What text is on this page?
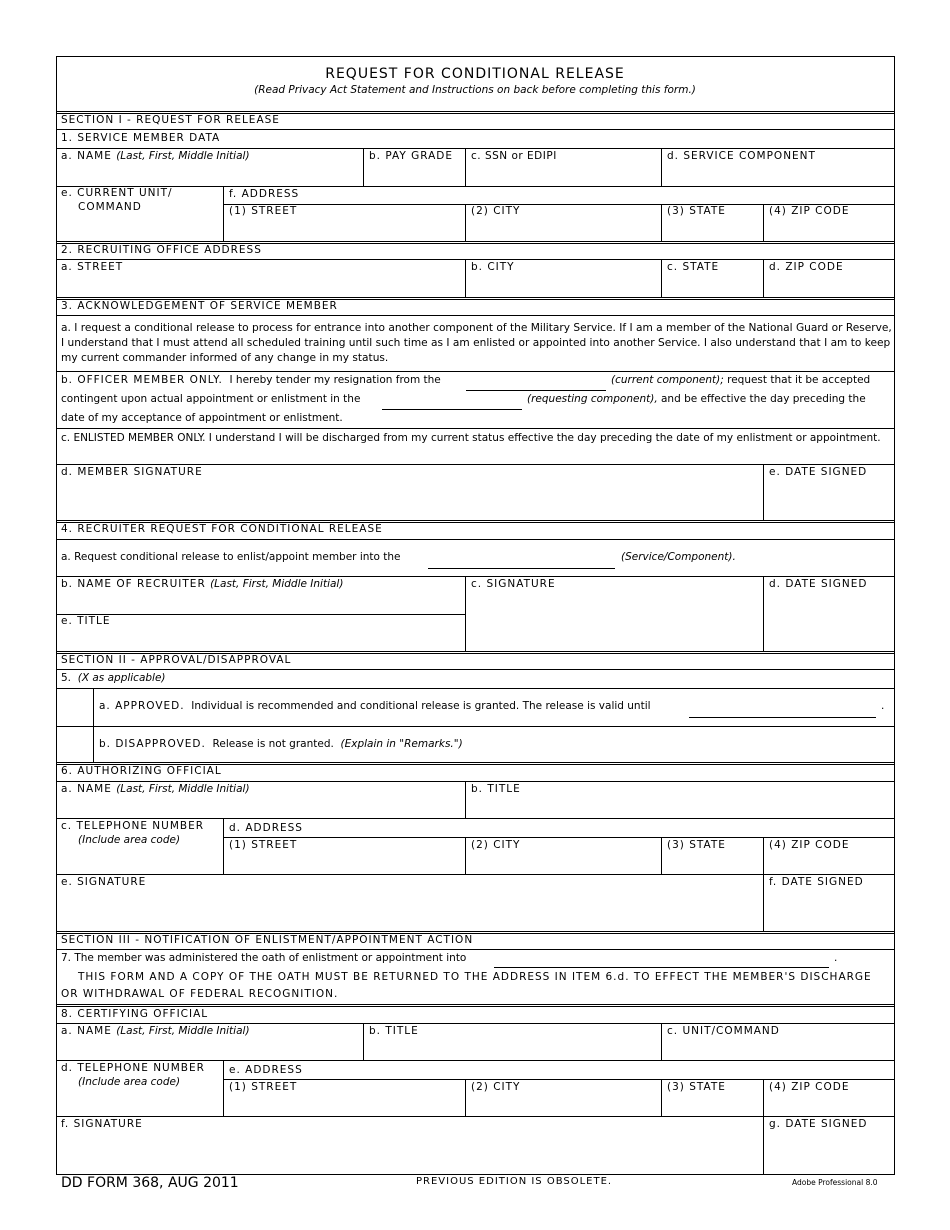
REQUEST FOR CONDITIONAL RELEASE
(Read Privacy Act Statement and Instructions on back before completing this form.)
SECTION I - REQUEST FOR RELEASE
1. SERVICE MEMBER DATA
a. NAME (Last, First, Middle Initial)	b. PAY GRADE c. SSN or EDIPI	d. SERVICE COMPONENT
e. CURRENT UNIT/
COMMAND
f. ADDRESS
(1) STREET	(2) CITY	(3) STATE	(4) ZIP CODE
2. RECRUITING OFFICE ADDRESS
a. STREET	b. CITY	c. STATE	d. ZIP CODE
3. ACKNOWLEDGEMENT OF SERVICE MEMBER
a. I request a conditional release to process for entrance into another component of the Military Service. If I am a member of the National Guard or Reserve, I understand that I must attend all scheduled training until such time as I am enlisted or appointed into another Service. I also understand that I am to keep my current commander informed of any change in my status.
b. OFFICER MEMBER ONLY. I hereby tender my resignation from the	(current component); request that it be accepted
contingent upon actual appointment or enlistment in the	(requesting component), and be effective the day preceding the
date of my acceptance of appointment or enlistment.
c. ENLISTED MEMBER ONLY. I understand I will be discharged from my current status effective the day preceding the date of my enlistment or appointment.
d. MEMBER SIGNATURE	e. DATE SIGNED
4. RECRUITER REQUEST FOR CONDITIONAL RELEASE
a. Request conditional release to enlist/appoint member into the	(Service/Component).
b. NAME OF RECRUITER (Last, First, Middle Initial)	c. SIGNATURE	d. DATE SIGNED
e. TITLE
SECTION II - APPROVAL/DISAPPROVAL
5. (X as applicable)
a. APPROVED. Individual is recommended and conditional release is granted. The release is valid until	.
b. DISAPPROVED. Release is not granted. (Explain in "Remarks.")
6. AUTHORIZING OFFICIAL
a. NAME (Last, First, Middle Initial)	b. TITLE
c. TELEPHONE NUMBER
(Include area code)
d. ADDRESS
(1) STREET	(2) CITY	(3) STATE	(4) ZIP CODE
e. SIGNATURE	f. DATE SIGNED
SECTION III - NOTIFICATION OF ENLISTMENT/APPOINTMENT ACTION
7. The member was administered the oath of enlistment or appointment into	.
THIS FORM AND A COPY OF THE OATH MUST BE RETURNED TO THE ADDRESS IN ITEM 6.d. TO EFFECT THE MEMBER'S DISCHARGE
OR WITHDRAWAL OF FEDERAL RECOGNITION.
8. CERTIFYING OFFICIAL
a. NAME (Last, First, Middle Initial)	b. TITLE	c. UNIT/COMMAND
d. TELEPHONE NUMBER
(Include area code)
e. ADDRESS
(1) STREET	(2) CITY	(3) STATE	(4) ZIP CODE
f. SIGNATURE	g. DATE SIGNED
DD FORM 368, AUG 2011	PREVIOUS EDITION IS OBSOLETE.	Adobe Professional 8.0
